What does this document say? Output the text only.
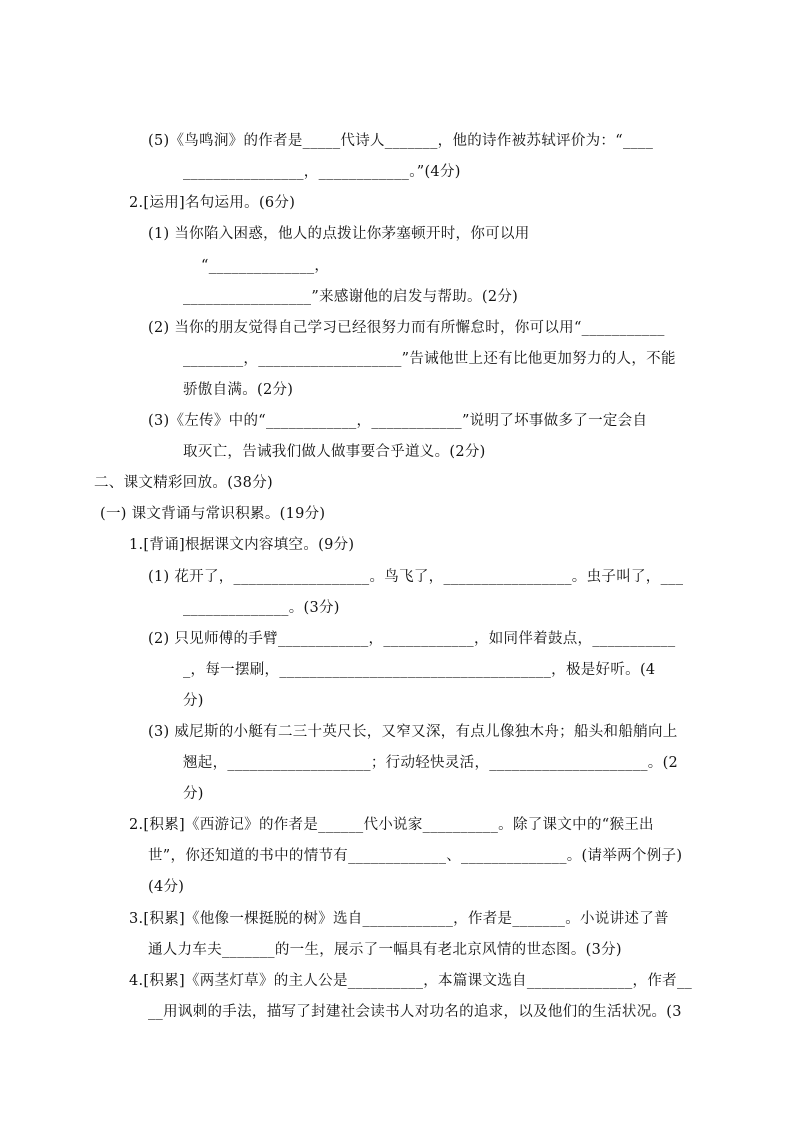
(5)《鸟鸣涧》的作者是_____代诗人_______，他的诗作被苏轼评价为：“____
________________，____________。”(4分)
2.[运用]名句运用。(6分)
(1) 当你陷入困惑，他人的点拨让你茅塞顿开时，你可以用
“______________，
_________________”来感谢他的启发与帮助。(2分)
(2) 当你的朋友觉得自己学习已经很努力而有所懈怠时，你可以用“___________
________，___________________”告诫他世上还有比他更加努力的人，不能
骄傲自满。(2分)
(3)《左传》中的“____________，____________”说明了坏事做多了一定会自
取灭亡，告诫我们做人做事要合乎道义。(2分)
二、课文精彩回放。(38分)
(一) 课文背诵与常识积累。(19分)
1.[背诵]根据课文内容填空。(9分)
(1) 花开了，__________________。鸟飞了，_________________。虫子叫了，___
______________。(3分)
(2) 只见师傅的手臂____________，____________，如同伴着鼓点，___________
_，每一摆刷，____________________________________，极是好听。(4
分)
(3) 威尼斯的小艇有二三十英尺长，又窄又深，有点儿像独木舟；船头和船艄向上
翘起，___________________；行动轻快灵活，_____________________。(2
分)
2.[积累]《西游记》的作者是______代小说家__________。除了课文中的“猴王出
世”，你还知道的书中的情节有_____________、______________。(请举两个例子)
(4分)
3.[积累]《他像一棵挺脱的树》选自____________，作者是_______。小说讲述了普
通人力车夫_______的一生，展示了一幅具有老北京风情的世态图。(3分)
4.[积累]《两茎灯草》的主人公是__________，本篇课文选自______________，作者__
__用讽刺的手法，描写了封建社会读书人对功名的追求，以及他们的生活状况。(3
